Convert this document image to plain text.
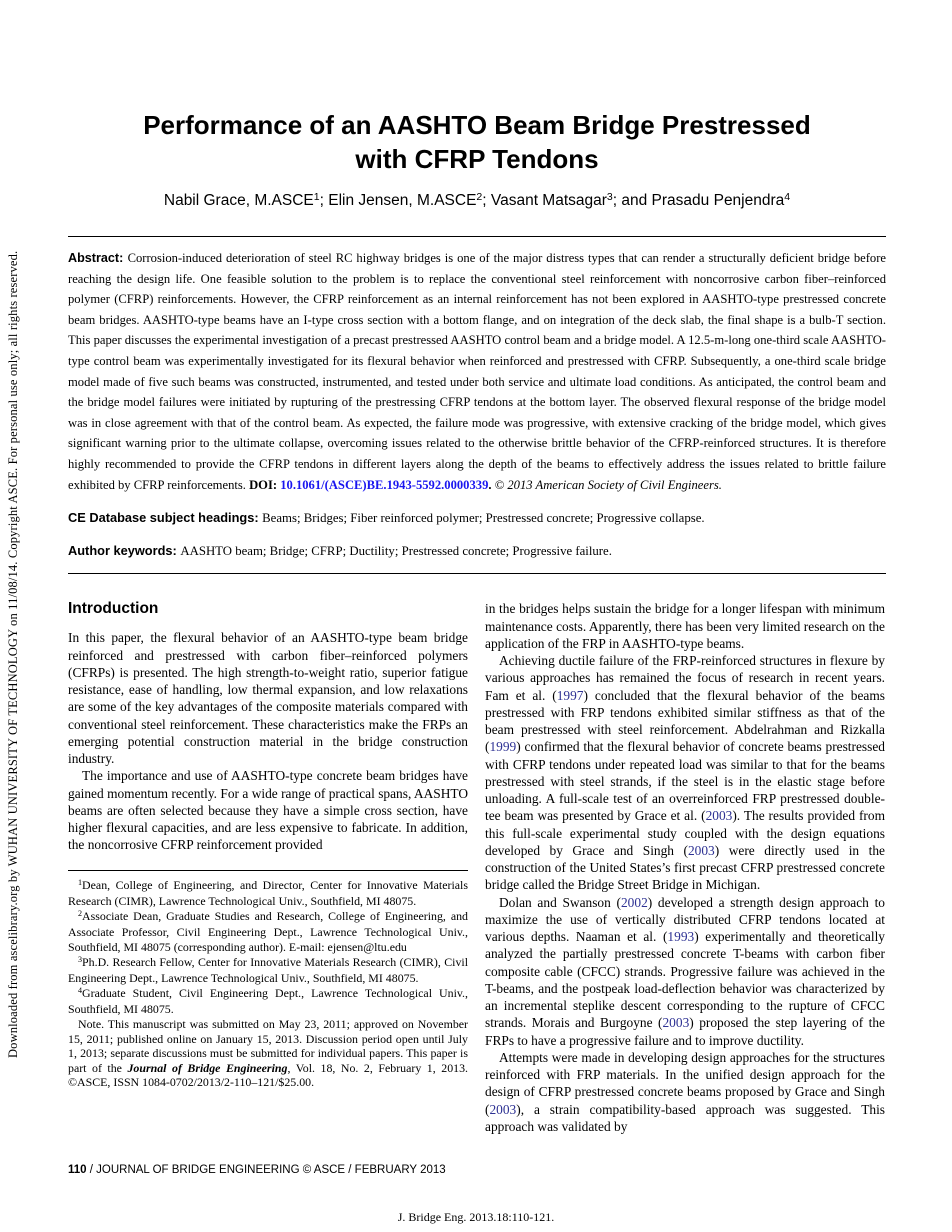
Downloaded from ascelibrary.org by WUHAN UNIVERSITY OF TECHNOLOGY on 11/08/14. Copyright ASCE. For personal use only; all rights reserved.
Performance of an AASHTO Beam Bridge Prestressed
with CFRP Tendons
Nabil Grace, M.ASCE$^1$; Elin Jensen, M.ASCE$^2$; Vasant Matsagar$^3$; and Prasadu Penjendra$^4$

Abstract: Corrosion-induced deterioration of steel RC highway bridges is one of the major distress types that can render a structurally deficient bridge before reaching the design life. One feasible solution to the problem is to replace the conventional steel reinforcement with noncorrosive carbon fiber–reinforced polymer (CFRP) reinforcements. However, the CFRP reinforcement as an internal reinforcement has not been explored in AASHTO-type prestressed concrete beam bridges. AASHTO-type beams have an I-type cross section with a bottom flange, and on integration of the deck slab, the final shape is a bulb-T section. This paper discusses the experimental investigation of a precast prestressed AASHTO control beam and a bridge model. A 12.5-m-long one-third scale AASHTO-type control beam was experimentally investigated for its flexural behavior when reinforced and prestressed with CFRP. Subsequently, a one-third scale bridge model made of five such beams was constructed, instrumented, and tested under both service and ultimate load conditions. As anticipated, the control beam and the bridge model failures were initiated by rupturing of the prestressing CFRP tendons at the bottom layer. The observed flexural response of the bridge model was in close agreement with that of the control beam. As expected, the failure mode was progressive, with extensive cracking of the bridge model, which gives significant warning prior to the ultimate collapse, overcoming issues related to the otherwise brittle behavior of the CFRP-reinforced structures. It is therefore highly recommended to provide the CFRP tendons in different layers along the depth of the beams to effectively address the issues related to brittle failure exhibited by CFRP reinforcements. DOI: 10.1061/(ASCE)BE.1943-5592.0000339. © 2013 American Society of Civil Engineers.

CE Database subject headings: Beams; Bridges; Fiber reinforced polymer; Prestressed concrete; Progressive collapse.

Author keywords: AASHTO beam; Bridge; CFRP; Ductility; Prestressed concrete; Progressive failure.

Introduction

In this paper, the flexural behavior of an AASHTO-type beam bridge reinforced and prestressed with carbon fiber–reinforced polymers (CFRPs) is presented. The high strength-to-weight ratio, superior fatigue resistance, ease of handling, low thermal expansion, and low relaxations are some of the key advantages of the composite materials compared with conventional steel reinforcement. These characteristics make the FRPs an emerging potential construction material in the bridge construction industry.

The importance and use of AASHTO-type concrete beam bridges have gained momentum recently. For a wide range of practical spans, AASHTO beams are often selected because they have a simple cross section, have higher flexural capacities, and are less expensive to fabricate. In addition, the noncorrosive CFRP reinforcement provided

$^1$Dean, College of Engineering, and Director, Center for Innovative Materials Research (CIMR), Lawrence Technological Univ., Southfield, MI 48075.

$^2$Associate Dean, Graduate Studies and Research, College of Engineering, and Associate Professor, Civil Engineering Dept., Lawrence Technological Univ., Southfield, MI 48075 (corresponding author). E-mail: ejensen@ltu.edu

$^3$Ph.D. Research Fellow, Center for Innovative Materials Research (CIMR), Civil Engineering Dept., Lawrence Technological Univ., Southfield, MI 48075.

$^4$Graduate Student, Civil Engineering Dept., Lawrence Technological Univ., Southfield, MI 48075.

Note. This manuscript was submitted on May 23, 2011; approved on November 15, 2011; published online on January 15, 2013. Discussion period open until July 1, 2013; separate discussions must be submitted for individual papers. This paper is part of the Journal of Bridge Engineering, Vol. 18, No. 2, February 1, 2013. ©ASCE, ISSN 1084-0702/2013/2-110–121/$25.00.

in the bridges helps sustain the bridge for a longer lifespan with minimum maintenance costs. Apparently, there has been very limited research on the application of the FRP in AASHTO-type beams.

Achieving ductile failure of the FRP-reinforced structures in flexure by various approaches has remained the focus of research in recent years. Fam et al. (1997) concluded that the flexural behavior of the beams prestressed with FRP tendons exhibited similar stiffness as that of the beam prestressed with steel reinforcement. Abdelrahman and Rizkalla (1999) confirmed that the flexural behavior of concrete beams prestressed with CFRP tendons under repeated load was similar to that for the beams prestressed with steel strands, if the steel is in the elastic stage before unloading. A full-scale test of an overreinforced FRP prestressed double-tee beam was presented by Grace et al. (2003). The results provided from this full-scale experimental study coupled with the design equations developed by Grace and Singh (2003) were directly used in the construction of the United States’s first precast CFRP prestressed concrete bridge called the Bridge Street Bridge in Michigan.

Dolan and Swanson (2002) developed a strength design approach to maximize the use of vertically distributed CFRP tendons located at various depths. Naaman et al. (1993) experimentally and theoretically analyzed the partially prestressed concrete T-beams with carbon fiber composite cable (CFCC) strands. Progressive failure was achieved in the T-beams, and the postpeak load-deflection behavior was characterized by an incremental steplike descent corresponding to the rupture of CFCC strands. Morais and Burgoyne (2003) proposed the step layering of the FRPs to have a progressive failure and to improve ductility.

Attempts were made in developing design approaches for the structures reinforced with FRP materials. In the unified design approach for the design of CFRP prestressed concrete beams proposed by Grace and Singh (2003), a strain compatibility-based approach was suggested. This approach was validated by

110 / JOURNAL OF BRIDGE ENGINEERING © ASCE / FEBRUARY 2013
J. Bridge Eng. 2013.18:110-121.
